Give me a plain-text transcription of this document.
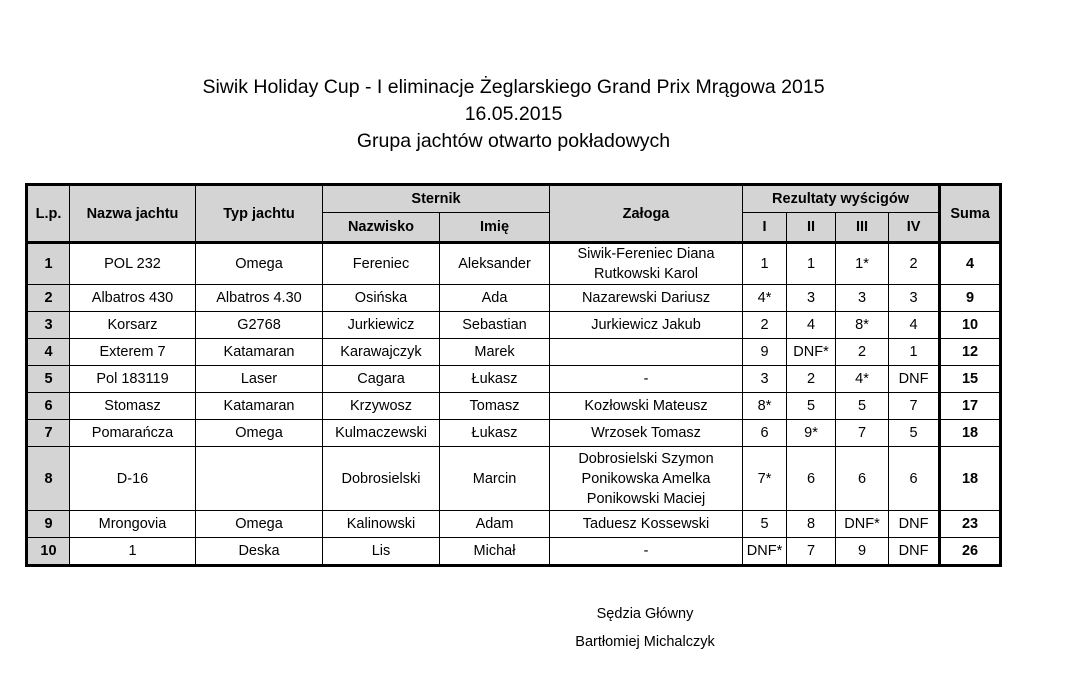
Siwik Holiday Cup - I eliminacje Żeglarskiego Grand Prix Mrągowa 2015
16.05.2015
Grupa jachtów otwarto pokładowych
L.p.	Nazwa jachtu	Typ jachtu	Sternik		Załoga	Rezultaty wyścigów				Suma
			Nazwisko	Imię		I	II	III	IV	
1	POL 232	Omega	Fereniec	Aleksander	Siwik-Fereniec Diana
Rutkowski Karol	1	1	1*	2	4
2	Albatros 430	Albatros 4.30	Osińska	Ada	Nazarewski Dariusz	4*	3	3	3	9
3	Korsarz	G2768	Jurkiewicz	Sebastian	Jurkiewicz Jakub	2	4	8*	4	10
4	Exterem 7	Katamaran	Karawajczyk	Marek		9	DNF*	2	1	12
5	Pol 183119	Laser	Cagara	Łukasz	-	3	2	4*	DNF	15
6	Stomasz	Katamaran	Krzywosz	Tomasz	Kozłowski Mateusz	8*	5	5	7	17
7	Pomarańcza	Omega	Kulmaczewski	Łukasz	Wrzosek Tomasz	6	9*	7	5	18
8	D-16		Dobrosielski	Marcin	Dobrosielski Szymon
Ponikowska Amelka
Ponikowski Maciej	7*	6	6	6	18
9	Mrongovia	Omega	Kalinowski	Adam	Taduesz Kossewski	5	8	DNF*	DNF	23
10	1	Deska	Lis	Michał	-	DNF*	7	9	DNF	26
Sędzia Główny
Bartłomiej Michalczyk
